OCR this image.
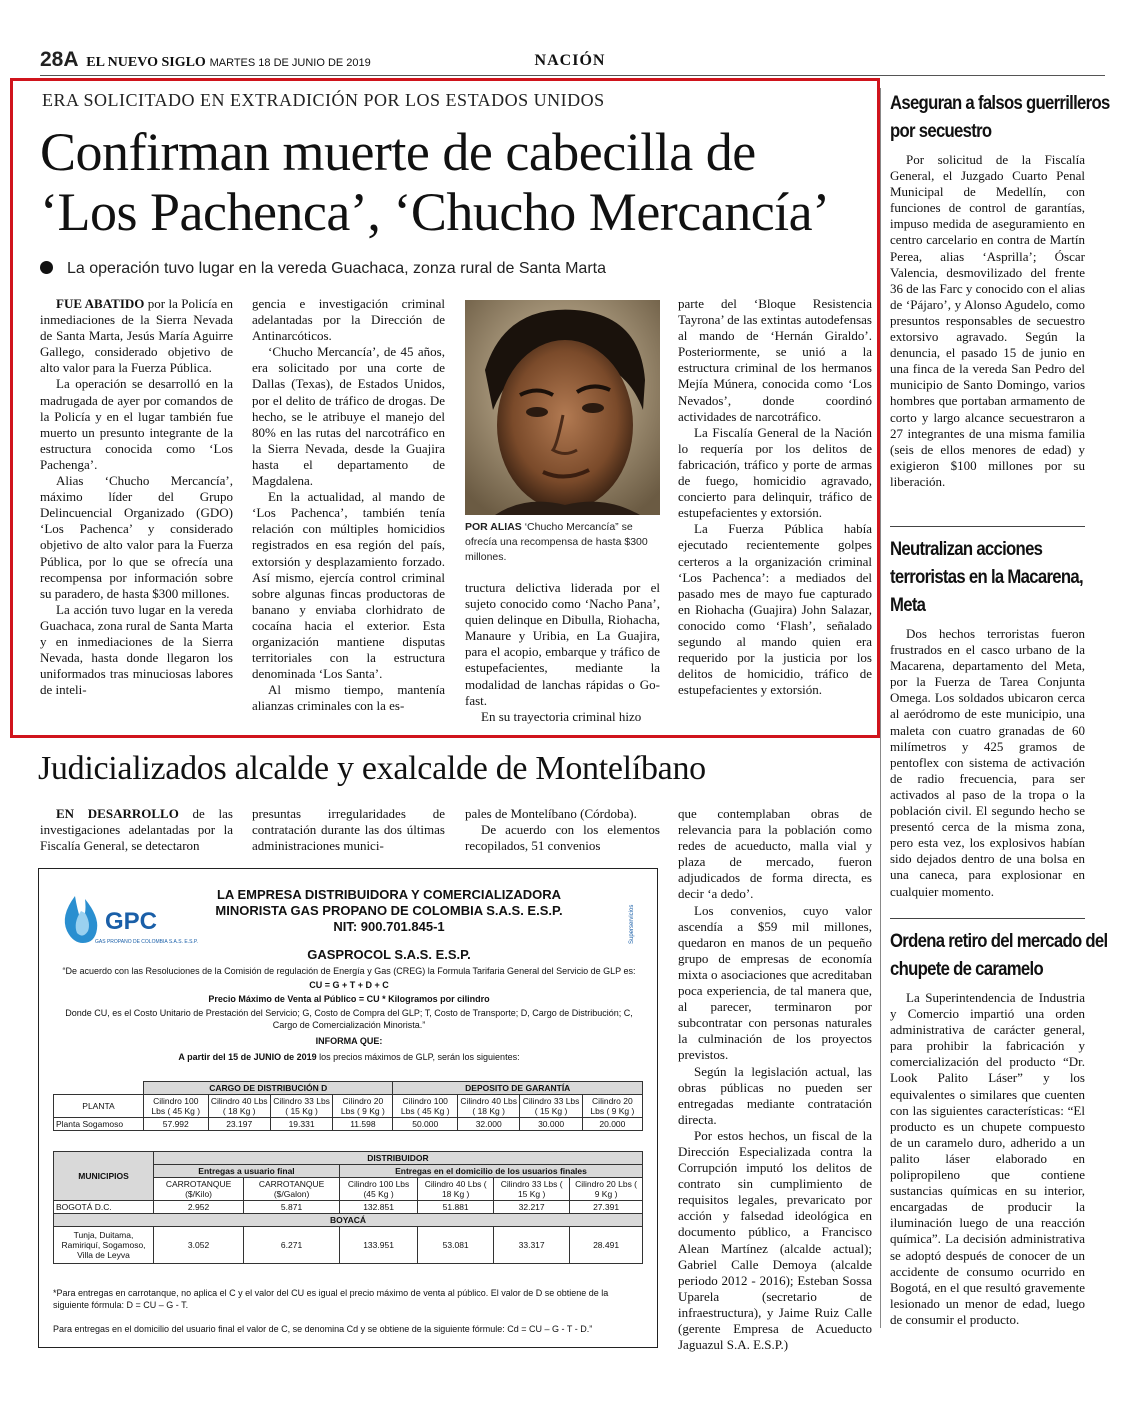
28A EL NUEVO SIGLO MARTES 18 DE JUNIO DE 2019	NACIÓN
ERA SOLICITADO EN EXTRADICIÓN POR LOS ESTADOS UNIDOS
Confirman muerte de cabecilla de
‘Los Pachenca’, ‘Chucho Mercancía’
La operación tuvo lugar en la vereda Guachaca, zonza rural de Santa Marta

FUE ABATIDO por la Policía en inmediaciones de la Sierra Nevada de Santa Marta, Jesús María Aguirre Gallego, considerado objetivo de alto valor para la Fuerza Pública.

La operación se desarrolló en la madrugada de ayer por comandos de la Policía y en el lugar también fue muerto un presunto integrante de la estructura conocida como ‘Los Pachenga’.

Alias ‘Chucho Mercancía’, máximo líder del Grupo Delincuencial Organizado (GDO) ‘Los Pachenca’ y considerado objetivo de alto valor para la Fuerza Pública, por lo que se ofrecía una recompensa por información sobre su paradero, de hasta $300 millones.

La acción tuvo lugar en la vereda Guachaca, zona rural de Santa Marta y en inmediaciones de la Sierra Nevada, hasta donde llegaron los uniformados tras minuciosas labores de inteli-

gencia e investigación criminal adelantadas por la Dirección de Antinarcóticos.

‘Chucho Mercancía’, de 45 años, era solicitado por una corte de Dallas (Texas), de Estados Unidos, por el delito de tráfico de drogas. De hecho, se le atribuye el manejo del 80% en las rutas del narcotráfico en la Sierra Nevada, desde la Guajira hasta el departamento de Magdalena.

En la actualidad, al mando de ‘Los Pachenca’, también tenía relación con múltiples homicidios registrados en esa región del país, extorsión y desplazamiento forzado. Así mismo, ejercía control criminal sobre algunas fincas productoras de banano y enviaba clorhidrato de cocaína hacia el exterior. Esta organización mantiene disputas territoriales con la estructura denominada ‘Los Santa’.

Al mismo tiempo, mantenía alianzas criminales con la es-

POR ALIAS ‘Chucho Mercancía” se ofrecía una recompensa de hasta $300 millones.

tructura delictiva liderada por el sujeto conocido como ‘Nacho Pana’, quien delinque en Dibulla, Riohacha, Manaure y Uribia, en La Guajira, para el acopio, embarque y tráfico de estupefacientes, mediante la modalidad de lanchas rápidas o Go-fast.

En su trayectoria criminal hizo

parte del ‘Bloque Resistencia Tayrona’ de las extintas autodefensas al mando de ‘Hernán Giraldo’. Posteriormente, se unió a la estructura criminal de los hermanos Mejía Múnera, conocida como ‘Los Nevados’, donde coordinó actividades de narcotráfico.

La Fiscalía General de la Nación lo requería por los delitos de fabricación, tráfico y porte de armas de fuego, homicidio agravado, concierto para delinquir, tráfico de estupefacientes y extorsión.

La Fuerza Pública había ejecutado recientemente golpes certeros a la organización criminal ‘Los Pachenca’: a mediados del pasado mes de mayo fue capturado en Riohacha (Guajira) John Salazar, conocido como ‘Flash’, señalado segundo al mando quien era requerido por la justicia por los delitos de homicidio, tráfico de estupefacientes y extorsión.

Judicializados alcalde y exalcalde de Montelíbano

EN DESARROLLO de las investigaciones adelantadas por la Fiscalía General, se detectaron

presuntas irregularidades de contratación durante las dos últimas administraciones munici-

pales de Montelíbano (Córdoba).

De acuerdo con los elementos recopilados, 51 convenios

que contemplaban obras de relevancia para la población como redes de acueducto, malla vial y plaza de mercado, fueron adjudicados de forma directa, es decir ‘a dedo’.

Los convenios, cuyo valor ascendía a $59 mil millones, quedaron en manos de un pequeño grupo de empresas de economía mixta o asociaciones que acreditaban poca experiencia, de tal manera que, al parecer, terminaron por subcontratar con personas naturales la culminación de los proyectos previstos.

Según la legislación actual, las obras públicas no pueden ser entregadas mediante contratación directa.

Por estos hechos, un fiscal de la Dirección Especializada contra la Corrupción imputó los delitos de contrato sin cumplimiento de requisitos legales, prevaricato por acción y falsedad ideológica en documento público, a Francisco Alean Martínez (alcalde actual); Gabriel Calle Demoya (alcalde periodo 2012 - 2016); Esteban Sossa Uparela (secretario de infraestructura), y Jaime Ruiz Calle (gerente Empresa de Acueducto Jaguazul S.A. E.S.P.)

GPC
GAS PROPANO DE COLOMBIA S.A.S. E.S.P.	Superservicios
LA EMPRESA DISTRIBUIDORA Y COMERCIALIZADORA
MINORISTA GAS PROPANO DE COLOMBIA S.A.S. E.S.P.
NIT: 900.701.845-1
GASPROCOL S.A.S. E.S.P.
“De acuerdo con las Resoluciones de la Comisión de regulación de Energía y Gas (CREG) la Formula Tarifaria General del Servicio de GLP es:
CU = G + T + D + C
Precio Máximo de Venta al Público = CU * Kilogramos por cilindro
Donde CU, es el Costo Unitario de Prestación del Servicio; G, Costo de Compra del GLP; T, Costo de Transporte; D, Cargo de Distribución; C,
Cargo de Comercialización Minorista.”
INFORMA QUE:
A partir del 15 de JUNIO de 2019 los precios máximos de GLP, serán los siguientes:
	CARGO DE DISTRIBUCIÓN D				DEPOSITO DE GARANTÍA			
PLANTA	Cilindro 100 Lbs ( 45 Kg )	Cilindro 40 Lbs ( 18 Kg )	Cilindro 33 Lbs ( 15 Kg )	Cilindro 20 Lbs ( 9 Kg )	Cilindro 100 Lbs ( 45 Kg )	Cilindro 40 Lbs ( 18 Kg )	Cilindro 33 Lbs ( 15 Kg )	Cilindro 20 Lbs ( 9 Kg )
Planta Sogamoso	57.992	23.197	19.331	11.598	50.000	32.000	30.000	20.000
MUNICIPIOS	DISTRIBUIDOR					
	Entregas a usuario final		Entregas en el domicilio de los usuarios finales			
	CARROTANQUE ($/Kilo)	CARROTANQUE ($/Galon)	Cilindro 100 Lbs (45 Kg )	Cilindro 40 Lbs ( 18 Kg )	Cilindro 33 Lbs ( 15 Kg )	Cilindro 20 Lbs ( 9 Kg )
BOGOTÁ D.C.	2.952	5.871	132.851	51.881	32.217	27.391
BOYACÁ						
Tunja, Duitama, Ramiriquí, Sogamoso, Villa de Leyva	3.052	6.271	133.951	53.081	33.317	28.491
*Para entregas en carrotanque, no aplica el C y el valor del CU es igual el precio máximo de venta al público. El valor de D se obtiene de la siguiente fórmula: D = CU – G - T.
Para entregas en el domicilio del usuario final el valor de C, se denomina Cd y se obtiene de la siguiente fórmule: Cd = CU – G - T - D.”
Aseguran a falsos guerrilleros por secuestro

Por solicitud de la Fiscalía General, el Juzgado Cuarto Penal Municipal de Medellín, con funciones de control de garantías, impuso medida de aseguramiento en centro carcelario en contra de Martín Perea, alias ‘Asprilla’; Óscar Valencia, desmovilizado del frente 36 de las Farc y conocido con el alias de ‘Pájaro’, y Alonso Agudelo, como presuntos responsables de secuestro extorsivo agravado. Según la denuncia, el pasado 15 de junio en una finca de la vereda San Pedro del municipio de Santo Domingo, varios hombres que portaban armamento de corto y largo alcance secuestraron a 27 integrantes de una misma familia (seis de ellos menores de edad) y exigieron $100 millones por su liberación.

Neutralizan acciones terroristas en la Macarena, Meta

Dos hechos terroristas fueron frustrados en el casco urbano de la Macarena, departamento del Meta, por la Fuerza de Tarea Conjunta Omega. Los soldados ubicaron cerca al aeródromo de este municipio, una maleta con cuatro granadas de 60 milímetros y 425 gramos de pentoflex con sistema de activación de radio frecuencia, para ser activados al paso de la tropa o la población civil. El segundo hecho se presentó cerca de la misma zona, pero esta vez, los explosivos habían sido dejados dentro de una bolsa en una caneca, para explosionar en cualquier momento.

Ordena retiro del mercado del chupete de caramelo

La Superintendencia de Industria y Comercio impartió una orden administrativa de carácter general, para prohibir la fabricación y comercialización del producto “Dr. Look Palito Láser” y los equivalentes o similares que cuenten con las siguientes características: “El producto es un chupete compuesto de un caramelo duro, adherido a un palito láser elaborado en polipropileno que contiene sustancias químicas en su interior, encargadas de producir la iluminación luego de una reacción química”. La decisión administrativa se adoptó después de conocer de un accidente de consumo ocurrido en Bogotá, en el que resultó gravemente lesionado un menor de edad, luego de consumir el producto.
